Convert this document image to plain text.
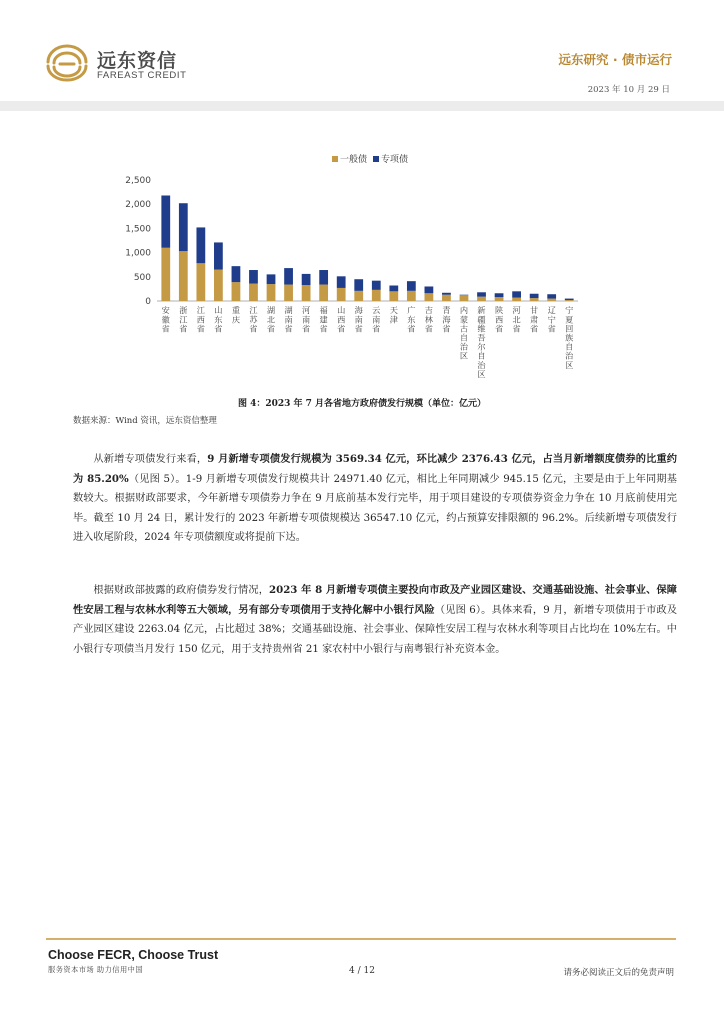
远东资信
FAREAST CREDIT
远东研究 · 债市运行
2023 年 10 月 29 日
一般债 专项债
2,500
2,000
1,500
1,000
500
0
安徽省
浙江省
江西省
山东省
重庆
江苏省
湖北省
湖南省
河南省
福建省
山西省
海南省
云南省
天津
广东省
吉林省
青海省
内蒙古自治区
新疆维吾尔自治区
陕西省
河北省
甘肃省
辽宁省
宁夏回族自治区
图 4：2023 年 7 月各省地方政府债发行规模（单位：亿元）
数据来源：Wind 资讯，远东资信整理
从新增专项债发行来看，9 月新增专项债发行规模为 3569.34 亿元，环比减少 2376.43 亿元，占当月新增额度债券的比重约为 85.20%（见图 5）。1-9 月新增专项债发行规模共计 24971.40 亿元，相比上年同期减少 945.15 亿元，主要是由于上年同期基数较大。根据财政部要求，今年新增专项债券力争在 9 月底前基本发行完毕，用于项目建设的专项债券资金力争在 10 月底前使用完毕。截至 10 月 24 日，累计发行的 2023 年新增专项债规模达 36547.10 亿元，约占预算安排限额的 96.2%。后续新增专项债发行进入收尾阶段，2024 年专项债额度或将提前下达。
根据财政部披露的政府债券发行情况，2023 年 8 月新增专项债主要投向市政及产业园区建设、交通基础设施、社会事业、保障性安居工程与农林水利等五大领域，另有部分专项债用于支持化解中小银行风险（见图 6）。具体来看，9 月，新增专项债用于市政及产业园区建设 2263.04 亿元，占比超过 38%；交通基础设施、社会事业、保障性安居工程与农林水利等项目占比均在 10%左右。中小银行专项债当月发行 150 亿元，用于支持贵州省 21 家农村中小银行与南粤银行补充资本金。
Choose FECR, Choose Trust
服务资本市场 助力信用中国	4 / 12	请务必阅读正文后的免责声明
